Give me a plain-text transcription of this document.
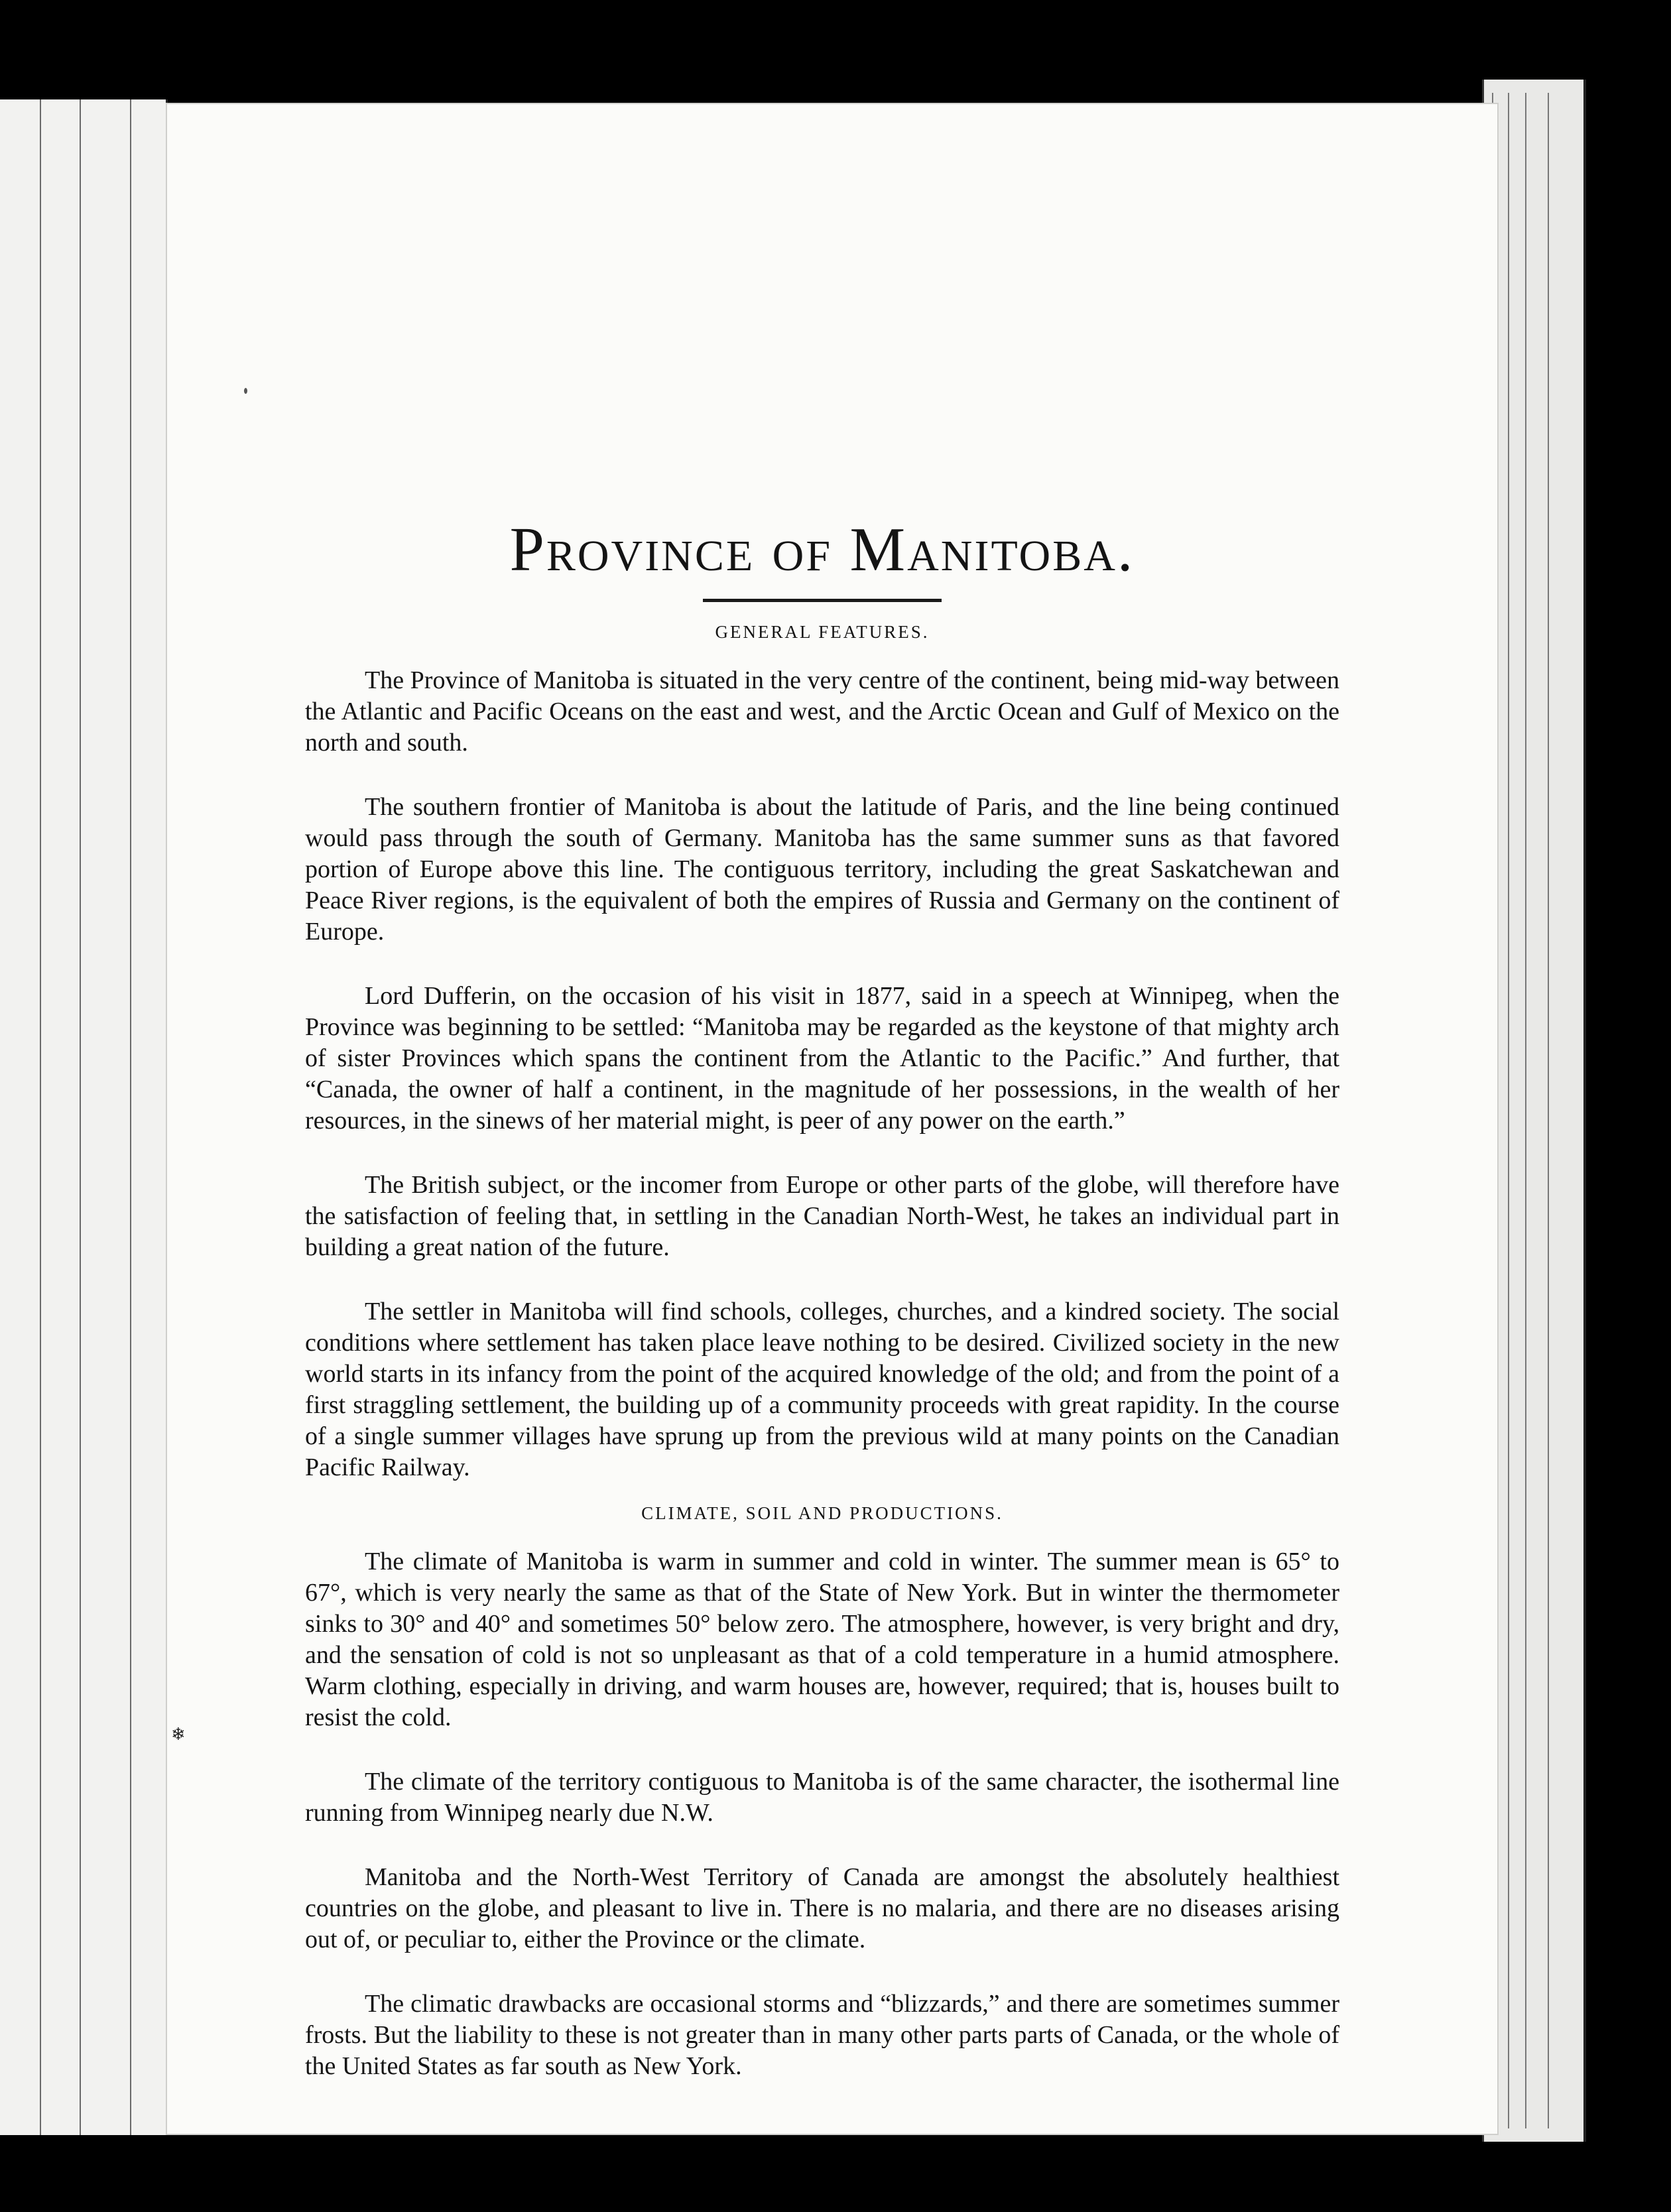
Province of Manitoba.
GENERAL FEATURES.

The Province of Manitoba is situated in the very centre of the continent, being mid-way between the Atlantic and Pacific Oceans on the east and west, and the Arctic Ocean and Gulf of Mexico on the north and south.

The southern frontier of Manitoba is about the latitude of Paris, and the line being continued would pass through the south of Germany. Manitoba has the same summer suns as that favored portion of Europe above this line. The contiguous territory, including the great Saskatchewan and Peace River regions, is the equivalent of both the empires of Russia and Germany on the continent of Europe.

Lord Dufferin, on the occasion of his visit in 1877, said in a speech at Winnipeg, when the Province was beginning to be settled: “Manitoba may be regarded as the keystone of that mighty arch of sister Provinces which spans the continent from the Atlantic to the Pacific.” And further, that “Canada, the owner of half a continent, in the magnitude of her possessions, in the wealth of her resources, in the sinews of her material might, is peer of any power on the earth.”

The British subject, or the incomer from Europe or other parts of the globe, will therefore have the satisfaction of feeling that, in settling in the Canadian North-West, he takes an individual part in building a great nation of the future.

The settler in Manitoba will find schools, colleges, churches, and a kindred society. The social conditions where settlement has taken place leave nothing to be desired. Civilized society in the new world starts in its infancy from the point of the acquired knowledge of the old; and from the point of a first straggling settlement, the building up of a community proceeds with great rapidity. In the course of a single summer villages have sprung up from the previous wild at many points on the Canadian Pacific Railway.

CLIMATE, SOIL AND PRODUCTIONS.

The climate of Manitoba is warm in summer and cold in winter. The summer mean is 65° to 67°, which is very nearly the same as that of the State of New York. But in winter the thermometer sinks to 30° and 40° and sometimes 50° below zero. The atmosphere, however, is very bright and dry, and the sensation of cold is not so unpleasant as that of a cold temperature in a humid atmosphere. Warm clothing, especially in driving, and warm houses are, however, required; that is, houses built to resist the cold.

The climate of the territory contiguous to Manitoba is of the same character, the isothermal line running from Winnipeg nearly due N.W.

Manitoba and the North-West Territory of Canada are amongst the absolutely healthiest countries on the globe, and pleasant to live in. There is no malaria, and there are no diseases arising out of, or peculiar to, either the Province or the climate.

The climatic drawbacks are occasional storms and “blizzards,” and there are sometimes summer frosts. But the liability to these is not greater than in many other parts parts of Canada, or the whole of the United States as far south as New York.

❄
